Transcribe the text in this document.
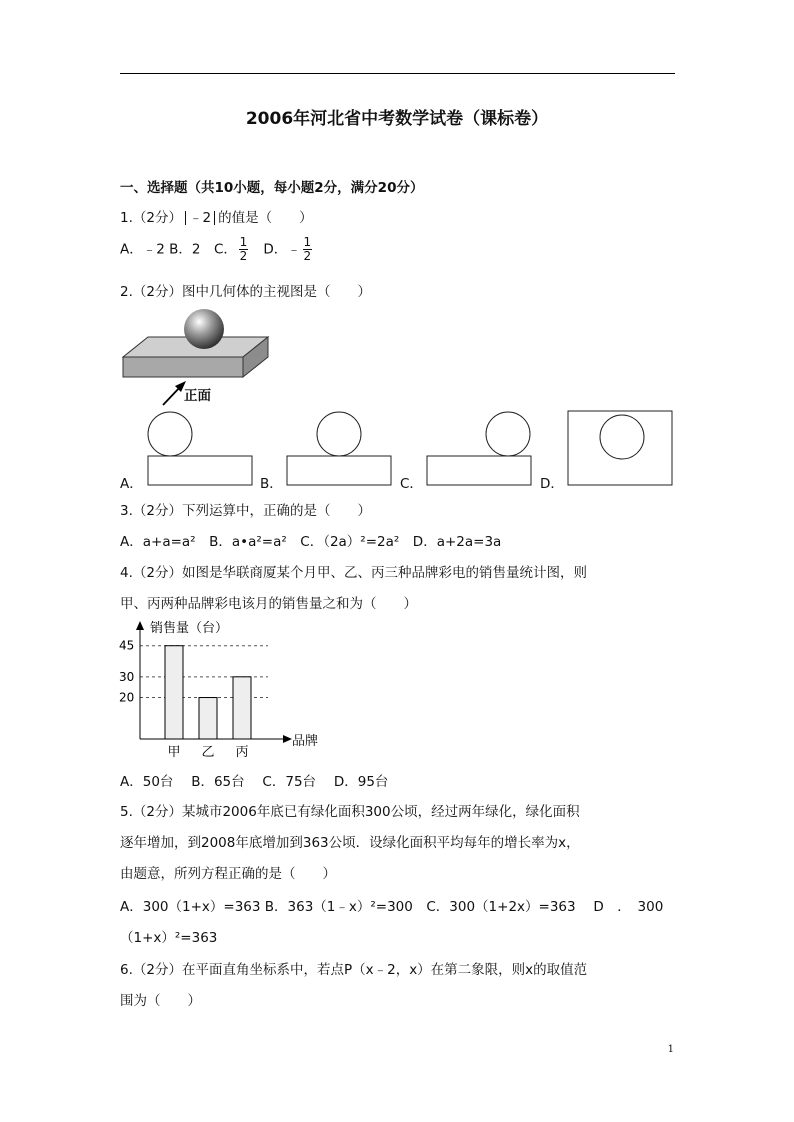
2006年河北省中考数学试卷（课标卷）
一、选择题（共10小题，每小题2分，满分20分）
1.（2分） ﹣2 的值是（　　）
A．﹣2 B．2　C． $\frac{1}{2}$
　 D．﹣ $\frac{1}{2}$
2.（2分）图中几何体的主视图是（　　）
正面
A．	B．	C．	D．
3.（2分）下列运算中，正确的是（　　）
A．a+a=a²　B．a•a²=a²　C．（2a）²=2a²　D．a+2a=3a
4.（2分）如图是华联商厦某个月甲、乙、丙三种品牌彩电的销售量统计图，则
甲、丙两种品牌彩电该月的销售量之和为（　　）
20
30
45
甲 乙 丙
销售量（台）
品牌
A．50台　 B．65台　 C．75台　 D．95台
5.（2分）某城市2006年底已有绿化面积300公顷，经过两年绿化，绿化面积
逐年增加，到2008年底增加到363公顷．设绿化面积平均每年的增长率为x，
由题意，所列方程正确的是（　　）
A．300（1+x）=363 B．363（1﹣x）²=300　C．300（1+2x）=363　 D　．　300
（1+x）²=363
6.（2分）在平面直角坐标系中，若点P（x﹣2，x）在第二象限，则x的取值范
围为（　　）
1
